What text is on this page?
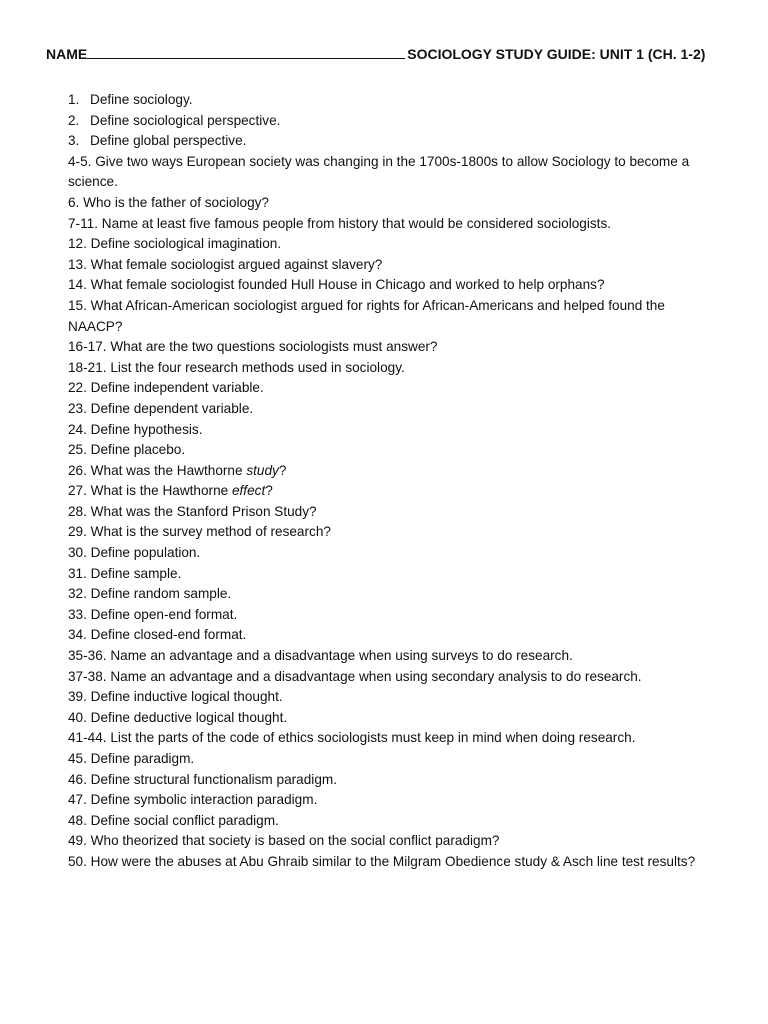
NAME	SOCIOLOGY STUDY GUIDE: UNIT 1 (CH. 1-2)

1. Define sociology.

2. Define sociological perspective.

3. Define global perspective.

4-5. Give two ways European society was changing in the 1700s-1800s to allow Sociology to become a science.

6. Who is the father of sociology?

7-11. Name at least five famous people from history that would be considered sociologists.

12. Define sociological imagination.

13. What female sociologist argued against slavery?

14. What female sociologist founded Hull House in Chicago and worked to help orphans?

15. What African-American sociologist argued for rights for African-Americans and helped found the NAACP?

16-17. What are the two questions sociologists must answer?

18-21. List the four research methods used in sociology.

22. Define independent variable.

23. Define dependent variable.

24. Define hypothesis.

25. Define placebo.

26. What was the Hawthorne study?

27. What is the Hawthorne effect?

28. What was the Stanford Prison Study?

29. What is the survey method of research?

30. Define population.

31. Define sample.

32. Define random sample.

33. Define open-end format.

34. Define closed-end format.

35-36. Name an advantage and a disadvantage when using surveys to do research.

37-38. Name an advantage and a disadvantage when using secondary analysis to do research.

39. Define inductive logical thought.

40. Define deductive logical thought.

41-44. List the parts of the code of ethics sociologists must keep in mind when doing research.

45. Define paradigm.

46. Define structural functionalism paradigm.

47. Define symbolic interaction paradigm.

48. Define social conflict paradigm.

49. Who theorized that society is based on the social conflict paradigm?

50. How were the abuses at Abu Ghraib similar to the Milgram Obedience study & Asch line test results?
